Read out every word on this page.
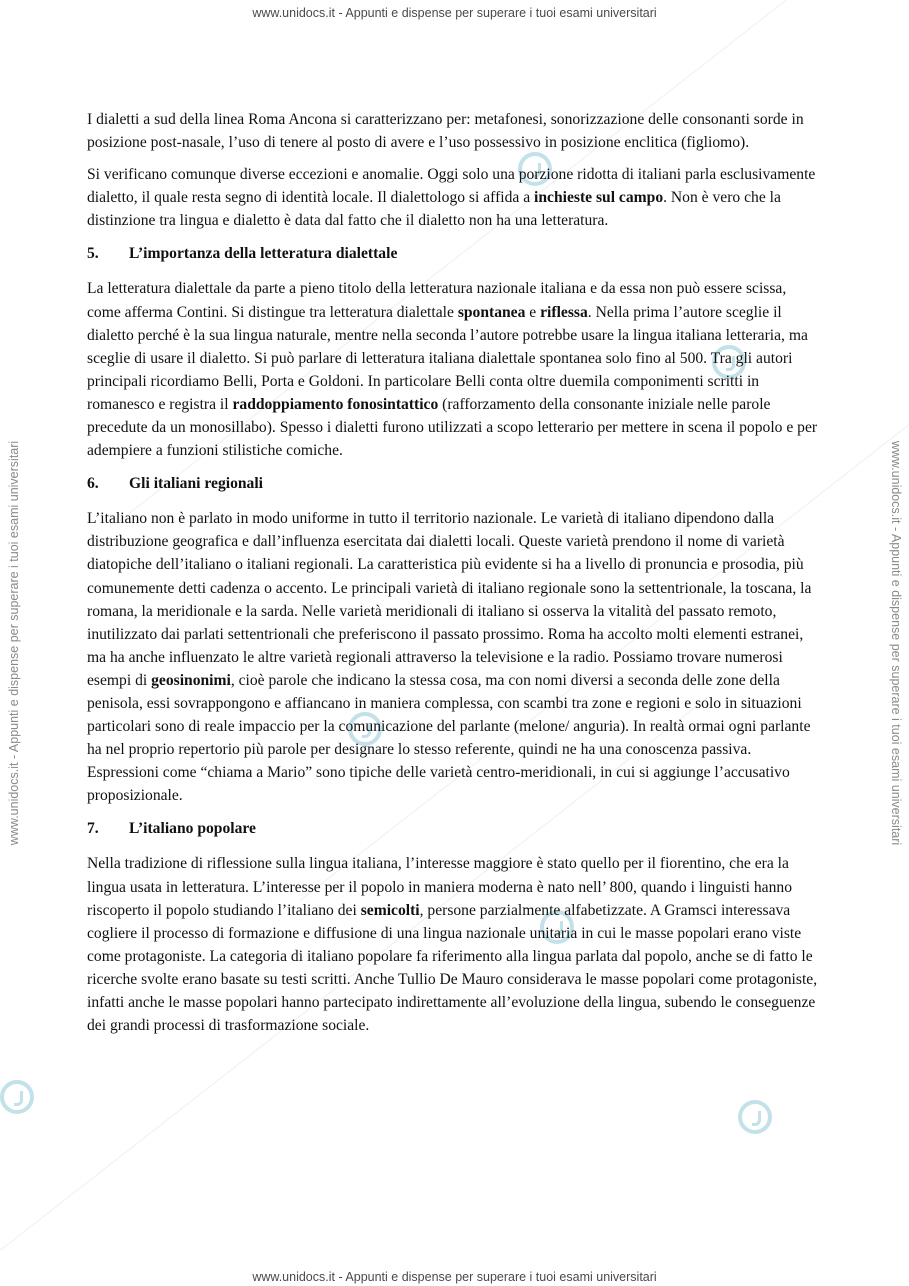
www.unidocs.it - Appunti e dispense per superare i tuoi esami universitari
www.unidocs.it - Appunti e dispense per superare i tuoi esami universitari
www.unidocs.it - Appunti e dispense per superare i tuoi esami universitari	www.unidocs.it - Appunti e dispense per superare i tuoi esami universitari

I dialetti a sud della linea Roma Ancona si caratterizzano per: metafonesi, sonorizzazione delle consonanti sorde in posizione post-nasale, l’uso di tenere al posto di avere e l’uso possessivo in posizione enclitica (figliomo).

Si verificano comunque diverse eccezioni e anomalie. Oggi solo una porzione ridotta di italiani parla esclusivamente dialetto, il quale resta segno di identità locale. Il dialettologo si affida a inchieste sul campo. Non è vero che la distinzione tra lingua e dialetto è data dal fatto che il dialetto non ha una letteratura.

5. L’importanza della letteratura dialettale

La letteratura dialettale da parte a pieno titolo della letteratura nazionale italiana e da essa non può essere scissa, come afferma Contini. Si distingue tra letteratura dialettale spontanea e riflessa. Nella prima l’autore sceglie il dialetto perché è la sua lingua naturale, mentre nella seconda l’autore potrebbe usare la lingua italiana letteraria, ma sceglie di usare il dialetto. Si può parlare di letteratura italiana dialettale spontanea solo fino al 500. Tra gli autori principali ricordiamo Belli, Porta e Goldoni. In particolare Belli conta oltre duemila componimenti scritti in romanesco e registra il raddoppiamento fonosintattico (rafforzamento della consonante iniziale nelle parole precedute da un monosillabo). Spesso i dialetti furono utilizzati a scopo letterario per mettere in scena il popolo e per adempiere a funzioni stilistiche comiche.

6. Gli italiani regionali

L’italiano non è parlato in modo uniforme in tutto il territorio nazionale. Le varietà di italiano dipendono dalla distribuzione geografica e dall’influenza esercitata dai dialetti locali. Queste varietà prendono il nome di varietà diatopiche dell’italiano o italiani regionali. La caratteristica più evidente si ha a livello di pronuncia e prosodia, più comunemente detti cadenza o accento. Le principali varietà di italiano regionale sono la settentrionale, la toscana, la romana, la meridionale e la sarda. Nelle varietà meridionali di italiano si osserva la vitalità del passato remoto, inutilizzato dai parlati settentrionali che preferiscono il passato prossimo. Roma ha accolto molti elementi estranei, ma ha anche influenzato le altre varietà regionali attraverso la televisione e la radio. Possiamo trovare numerosi esempi di geosinonimi, cioè parole che indicano la stessa cosa, ma con nomi diversi a seconda delle zone della penisola, essi sovrappongono e affiancano in maniera complessa, con scambi tra zone e regioni e solo in situazioni particolari sono di reale impaccio per la comunicazione del parlante (melone/ anguria). In realtà ormai ogni parlante ha nel proprio repertorio più parole per designare lo stesso referente, quindi ne ha una conoscenza passiva. Espressioni come “chiama a Mario” sono tipiche delle varietà centro-meridionali, in cui si aggiunge l’accusativo proposizionale.

7. L’italiano popolare

Nella tradizione di riflessione sulla lingua italiana, l’interesse maggiore è stato quello per il fiorentino, che era la lingua usata in letteratura. L’interesse per il popolo in maniera moderna è nato nell’ 800, quando i linguisti hanno riscoperto il popolo studiando l’italiano dei semicolti, persone parzialmente alfabetizzate. A Gramsci interessava cogliere il processo di formazione e diffusione di una lingua nazionale unitaria in cui le masse popolari erano viste come protagoniste. La categoria di italiano popolare fa riferimento alla lingua parlata dal popolo, anche se di fatto le ricerche svolte erano basate su testi scritti. Anche Tullio De Mauro considerava le masse popolari come protagoniste, infatti anche le masse popolari hanno partecipato indirettamente all’evoluzione della lingua, subendo le conseguenze dei grandi processi di trasformazione sociale.
